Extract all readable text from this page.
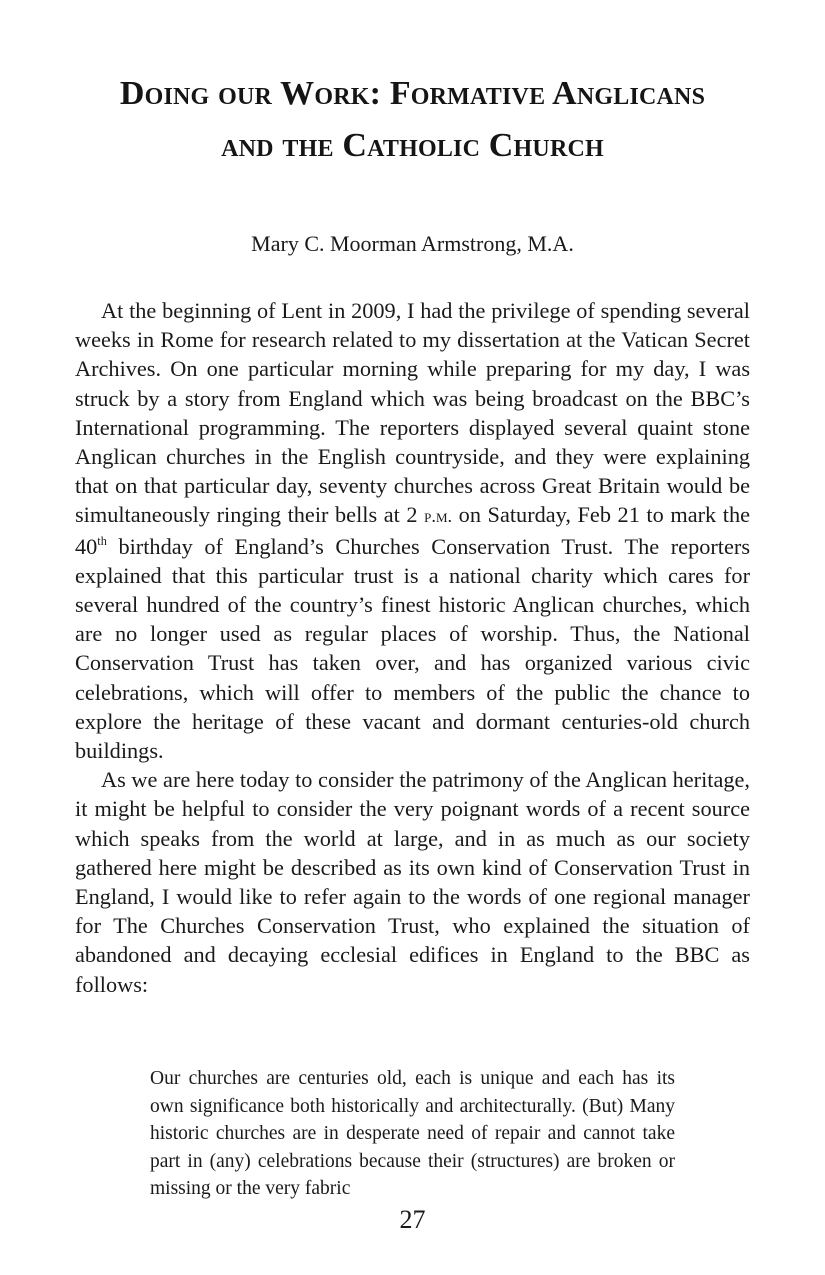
Doing our Work: Formative Anglicans
and the Catholic Church
Mary C. Moorman Armstrong, M.A.

At the beginning of Lent in 2009, I had the privilege of spending several weeks in Rome for research related to my dissertation at the Vatican Secret Archives. On one particular morning while preparing for my day, I was struck by a story from England which was being broadcast on the BBC’s International programming. The reporters displayed several quaint stone Anglican churches in the English countryside, and they were explaining that on that particular day, seventy churches across Great Britain would be simultaneously ringing their bells at 2 p.m. on Saturday, Feb 21 to mark the 40th birthday of England’s Churches Conservation Trust. The reporters explained that this particular trust is a national charity which cares for several hundred of the country’s finest historic Anglican churches, which are no longer used as regular places of worship. Thus, the National Conservation Trust has taken over, and has organized various civic celebrations, which will offer to members of the public the chance to explore the heritage of these vacant and dormant centuries-old church buildings.

As we are here today to consider the patrimony of the Anglican heritage, it might be helpful to consider the very poignant words of a recent source which speaks from the world at large, and in as much as our society gathered here might be described as its own kind of Conservation Trust in England, I would like to refer again to the words of one regional manager for The Churches Conservation Trust, who explained the situation of abandoned and decaying ecclesial edifices in England to the BBC as follows:

Our churches are centuries old, each is unique and each has its own significance both historically and architecturally. (But) Many historic churches are in desperate need of repair and cannot take part in (any) celebrations because their (structures) are broken or missing or the very fabric

27
